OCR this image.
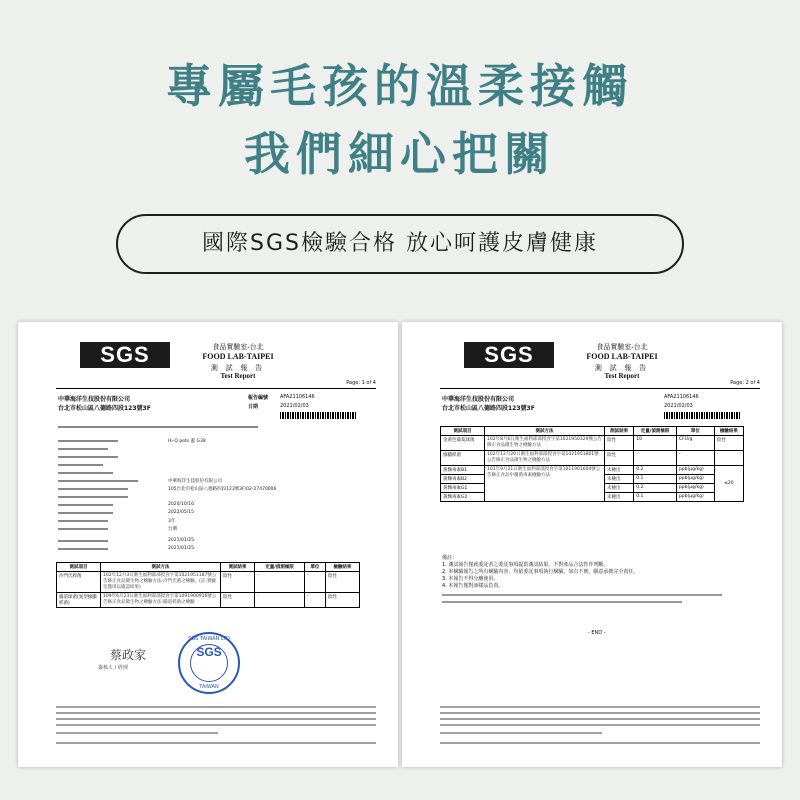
專屬毛孩的溫柔接觸
我們細心把關
國際SGS檢驗合格 放心呵護皮膚健康
SGS	食品實驗室-台北
FOOD LAB-TAIPEI
測 試 報 告
Test Report
Page: 1 of 4
中華海洋生技股份有限公司
台北市松山區八德路四段123號3F
報告編號 AFA21106146
日期	2021/02/03
Hi-Q pets 蓋 G38
中華海洋生技股份有限公司
105台北市松山區八德路四段123號3F/02-27470006
2020/10/16
2022/05/15
3年
台灣
2021/01/25
2021/01/25
測試項目	測試方法	測試結果	定量/偵測極限	單位	檢驗結果
沙門氏桿菌	102年12月3日衛生福利部部授食字第1021951187號公告修正食品微生物之檢驗方法-沙門氏菌之檢驗。(註:實驗室僅用以確認結果)	陰性	-	-	陰性
腸道球菌(異型綠膿桿菌)	109年6月23日衛生福利部部授食字第1091900916號公告修正食品微生物之檢驗方法-腸道桿菌之檢驗	陰性	-	-	陰性
蔡政家
簽核人 / 經理
SGS TAIWAN LTD
SGS
TAIWAN
SGS	食品實驗室-台北
FOOD LAB-TAIPEI
測 試 報 告
Test Report
Page: 2 of 4
中華海洋生技股份有限公司
台北市松山區八德路四段123號3F
AFA21106146
2021/02/03
測試項目	測試方法	測試結果	定量/偵測極限	單位	檢驗結果
金黃色葡萄球菌	102年8月6日衛生福利部部授食字第1021950329號公告修正食品微生物之檢驗方法	陰性	10	CFU/g	陰性
綠膿桿菌	102年12月20日衛生福利部部授食字第1021951801號公告修正食品微生物之檢驗方法	陰性	-	-	-
黃麴毒素B1	101年9月21日衛生福利部部授食字第1011901604號公告修正食品中黴菌毒素檢驗方法	未檢出	0.2	ppb(μg/kg)	≤20
黃麴毒素B2		未檢出	0.1	ppb(μg/kg)	
黃麴毒素G1		未檢出	0.2	ppb(μg/kg)	
黃麴毒素G2		未檢出	0.1	ppb(μg/kg)	
備註：
1. 測試報告僅就委託者之委託事項提供測試結果，不對產品合法性作判斷。
2. 本檢驗報告之所有檢驗內容，均依委託事項執行檢驗，如有不實，願意承擔完全責任。
3. 本報告不得分離使用。
4. 本報告僅對該樣品負責。
- END -
